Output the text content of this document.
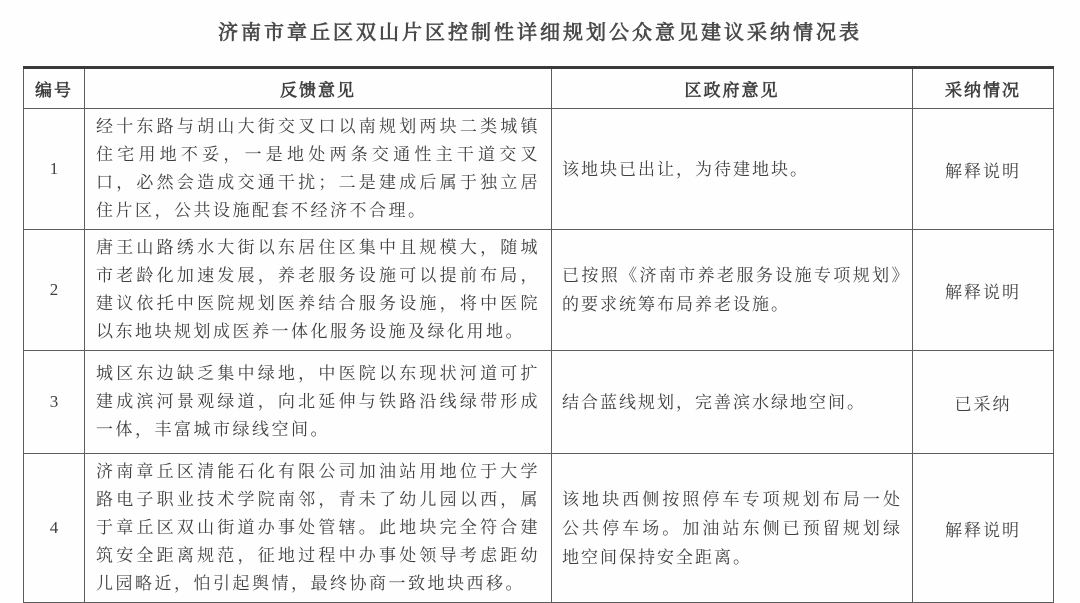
济南市章丘区双山片区控制性详细规划公众意见建议采纳情况表
编号	反馈意见	区政府意见	采纳情况
1	经十东路与胡山大街交叉口以南规划两块二类城镇住宅用地不妥，一是地处两条交通性主干道交叉口，必然会造成交通干扰；二是建成后属于独立居住片区，公共设施配套不经济不合理。	该地块已出让，为待建地块。	解释说明
2	唐王山路绣水大街以东居住区集中且规模大，随城市老龄化加速发展，养老服务设施可以提前布局，建议依托中医院规划医养结合服务设施，将中医院以东地块规划成医养一体化服务设施及绿化用地。	已按照《济南市养老服务设施专项规划》的要求统筹布局养老设施。	解释说明
3	城区东边缺乏集中绿地，中医院以东现状河道可扩建成滨河景观绿道，向北延伸与铁路沿线绿带形成一体，丰富城市绿线空间。	结合蓝线规划，完善滨水绿地空间。	已采纳
4	济南章丘区清能石化有限公司加油站用地位于大学路电子职业技术学院南邻，青未了幼儿园以西，属于章丘区双山街道办事处管辖。此地块完全符合建筑安全距离规范，征地过程中办事处领导考虑距幼儿园略近，怕引起舆情，最终协商一致地块西移。	该地块西侧按照停车专项规划布局一处公共停车场。加油站东侧已预留规划绿地空间保持安全距离。	解释说明
